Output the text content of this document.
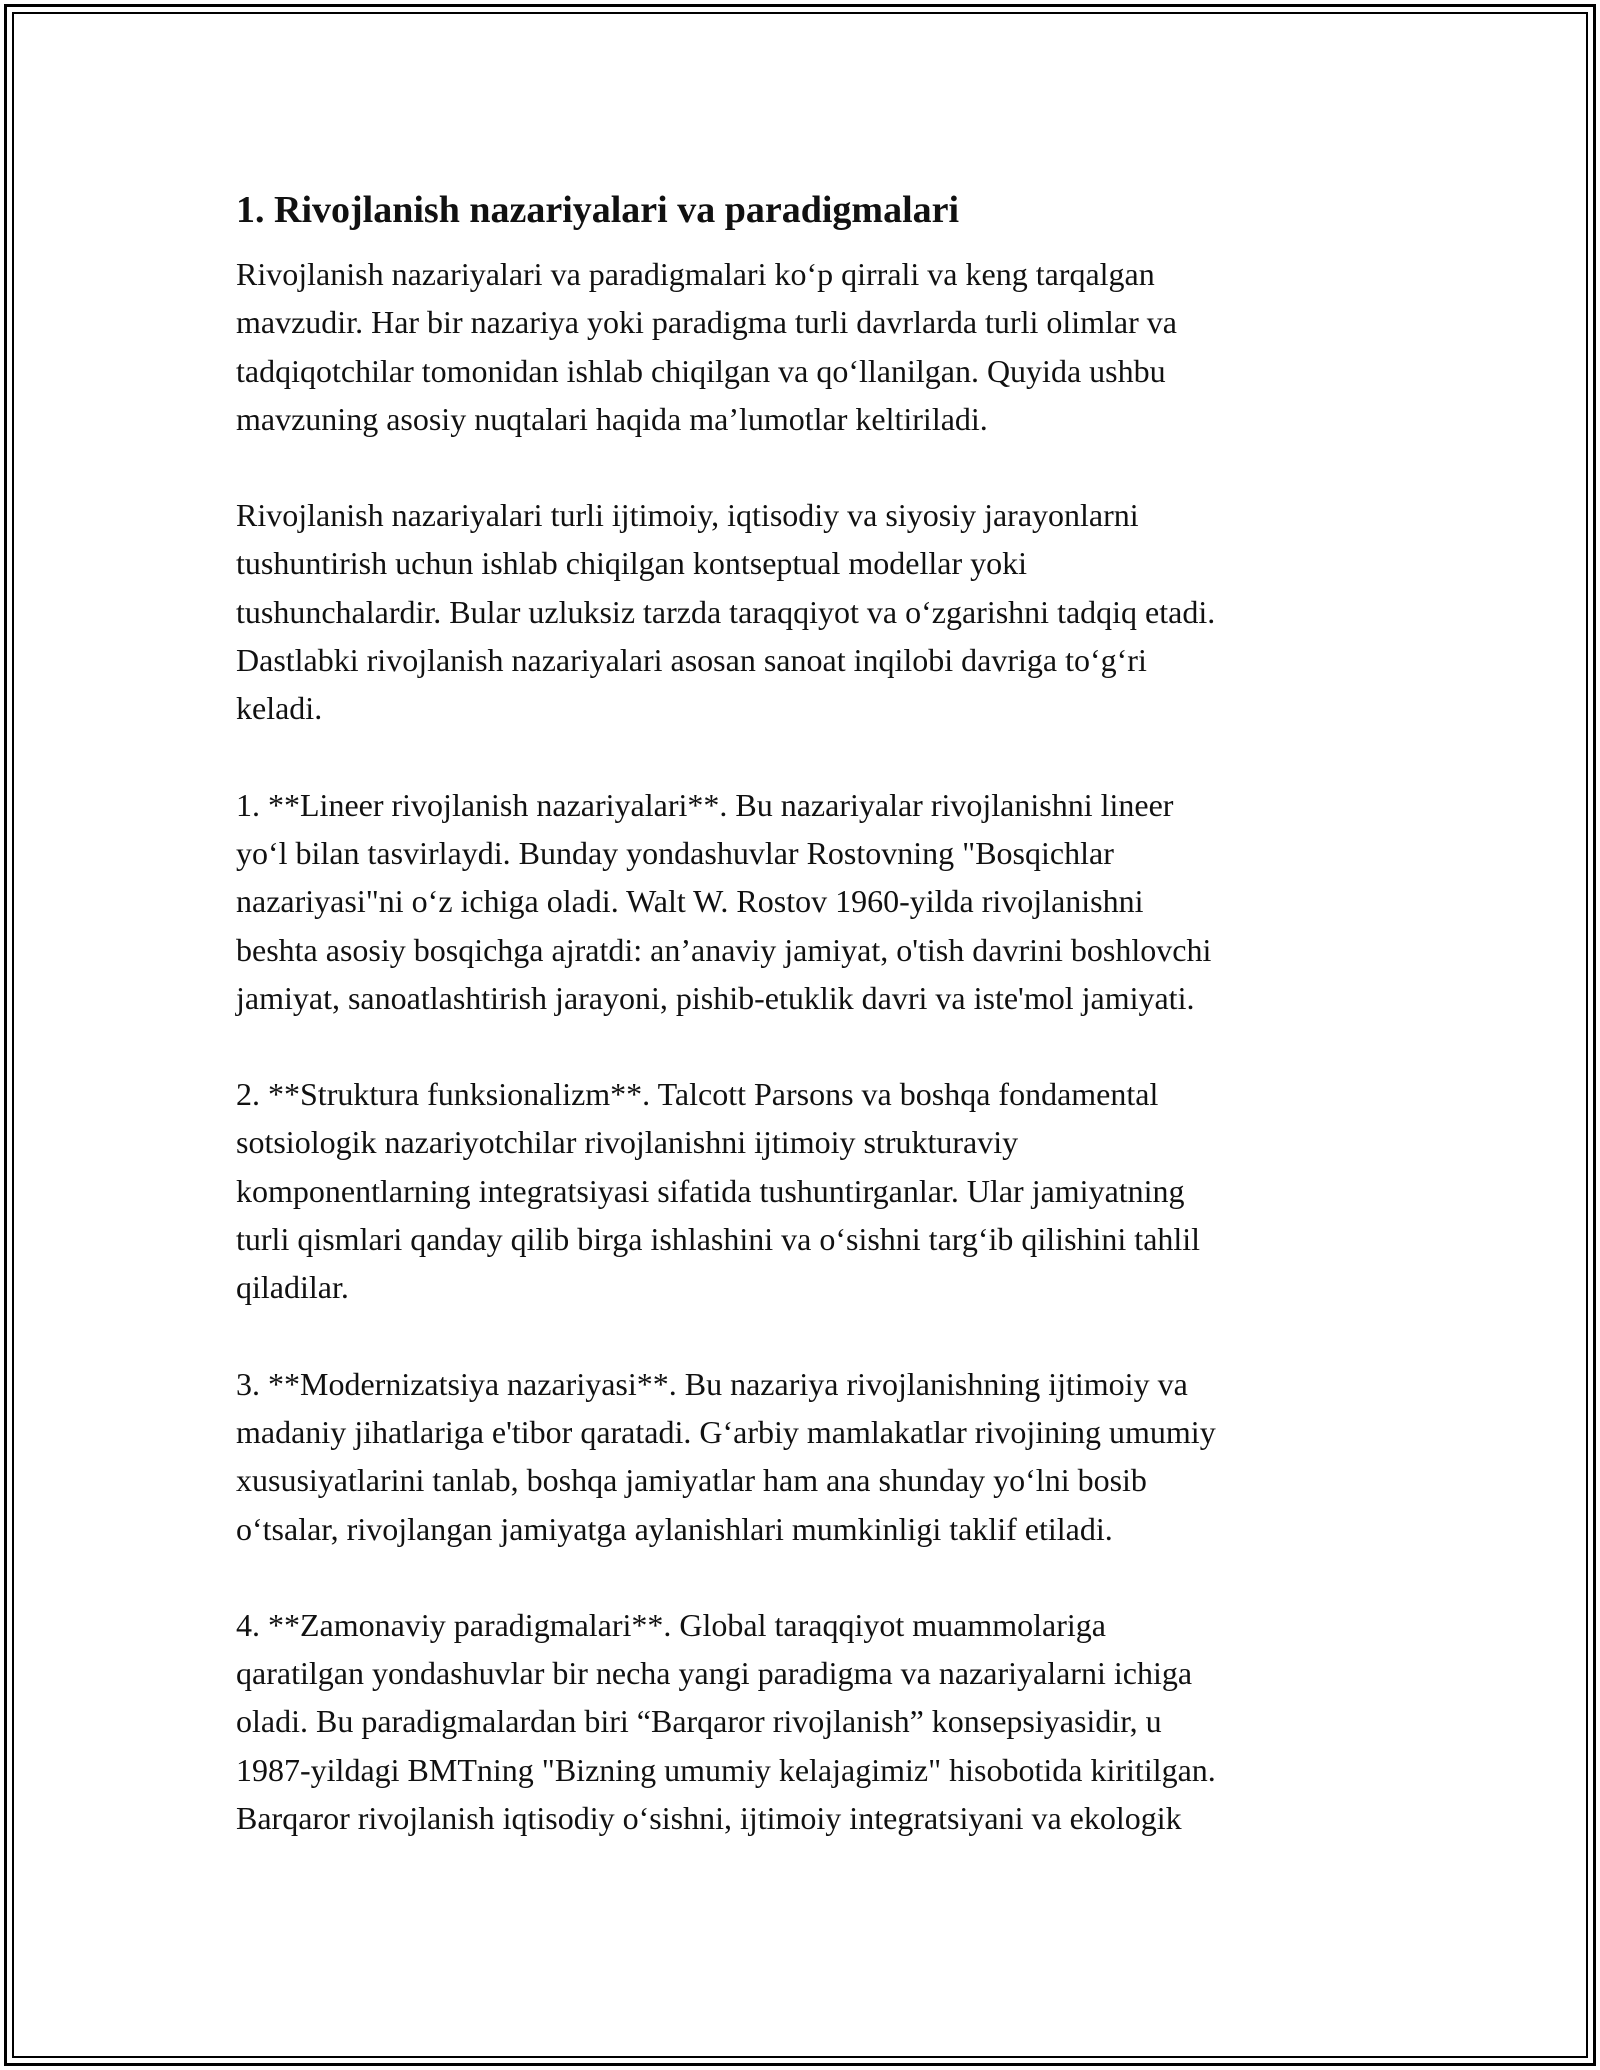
1. Rivojlanish nazariyalari va paradigmalari

Rivojlanish nazariyalari va paradigmalari ko‘p qirrali va keng tarqalgan
mavzudir. Har bir nazariya yoki paradigma turli davrlarda turli olimlar va
tadqiqotchilar tomonidan ishlab chiqilgan va qo‘llanilgan. Quyida ushbu
mavzuning asosiy nuqtalari haqida ma’lumotlar keltiriladi.

Rivojlanish nazariyalari turli ijtimoiy, iqtisodiy va siyosiy jarayonlarni
tushuntirish uchun ishlab chiqilgan kontseptual modellar yoki
tushunchalardir. Bular uzluksiz tarzda taraqqiyot va o‘zgarishni tadqiq etadi.
Dastlabki rivojlanish nazariyalari asosan sanoat inqilobi davriga to‘g‘ri
keladi.

1. **Lineer rivojlanish nazariyalari**. Bu nazariyalar rivojlanishni lineer
yo‘l bilan tasvirlaydi. Bunday yondashuvlar Rostovning "Bosqichlar
nazariyasi"ni o‘z ichiga oladi. Walt W. Rostov 1960-yilda rivojlanishni
beshta asosiy bosqichga ajratdi: an’anaviy jamiyat, o'tish davrini boshlovchi
jamiyat, sanoatlashtirish jarayoni, pishib-etuklik davri va iste'mol jamiyati.

2. **Struktura funksionalizm**. Talcott Parsons va boshqa fondamental
sotsiologik nazariyotchilar rivojlanishni ijtimoiy strukturaviy
komponentlarning integratsiyasi sifatida tushuntirganlar. Ular jamiyatning
turli qismlari qanday qilib birga ishlashini va o‘sishni targ‘ib qilishini tahlil
qiladilar.

3. **Modernizatsiya nazariyasi**. Bu nazariya rivojlanishning ijtimoiy va
madaniy jihatlariga e'tibor qaratadi. G‘arbiy mamlakatlar rivojining umumiy
xususiyatlarini tanlab, boshqa jamiyatlar ham ana shunday yo‘lni bosib
o‘tsalar, rivojlangan jamiyatga aylanishlari mumkinligi taklif etiladi.

4. **Zamonaviy paradigmalari**. Global taraqqiyot muammolariga
qaratilgan yondashuvlar bir necha yangi paradigma va nazariyalarni ichiga
oladi. Bu paradigmalardan biri “Barqaror rivojlanish” konsepsiyasidir, u
1987-yildagi BMTning "Bizning umumiy kelajagimiz" hisobotida kiritilgan.
Barqaror rivojlanish iqtisodiy o‘sishni, ijtimoiy integratsiyani va ekologik
